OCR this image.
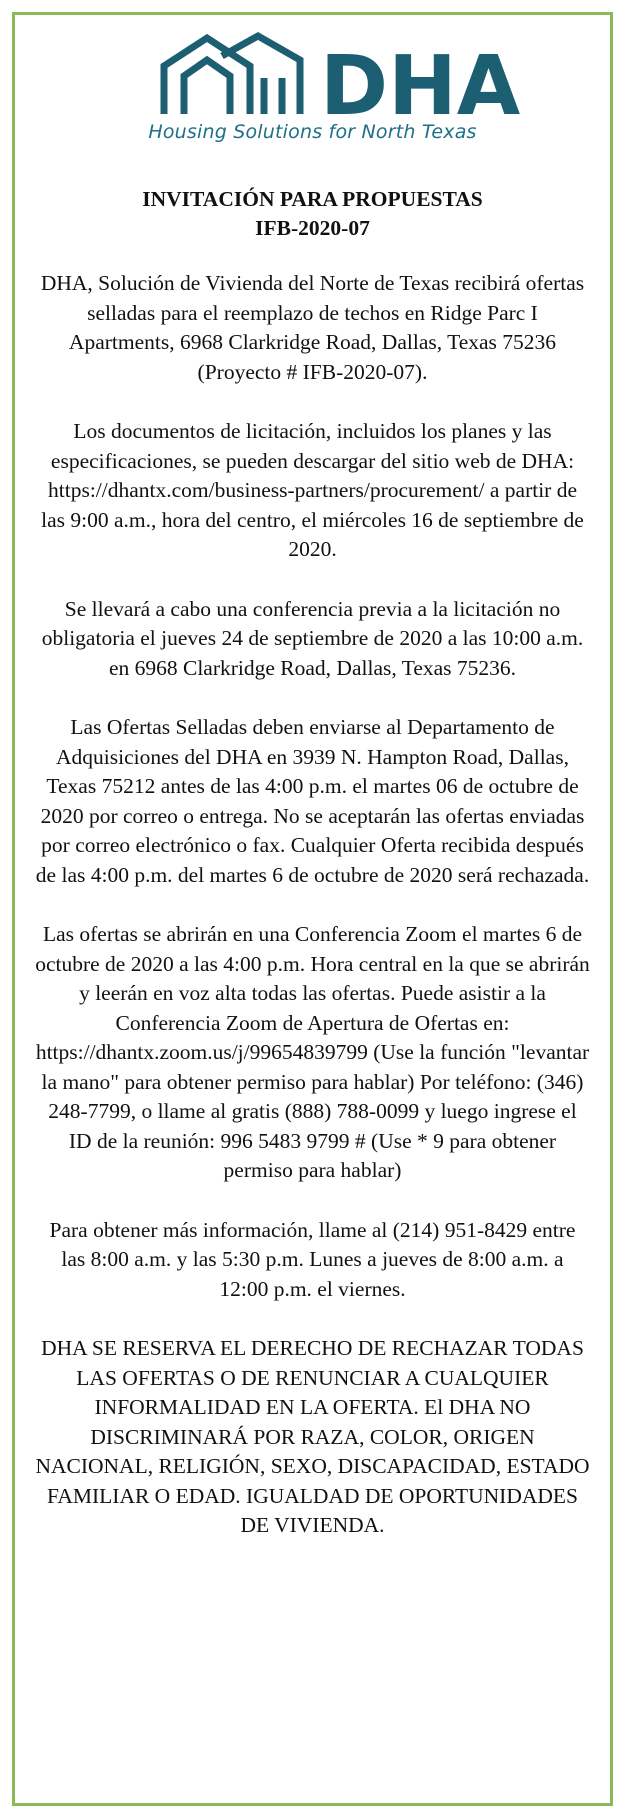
DHA
Housing Solutions for North Texas

INVITACIÓN PARA PROPUESTAS
IFB-2020-07

DHA, Solución de Vivienda del Norte de Texas recibirá ofertas selladas para el reemplazo de techos en Ridge Parc I Apartments, 6968 Clarkridge Road, Dallas, Texas 75236 (Proyecto # IFB-2020-07).

Los documentos de licitación, incluidos los planes y las especificaciones, se pueden descargar del sitio web de DHA: https://dhantx.com/business-partners/procurement/ a partir de las 9:00 a.m., hora del centro, el miércoles 16 de septiembre de 2020.

Se llevará a cabo una conferencia previa a la licitación no obligatoria el jueves 24 de septiembre de 2020 a las 10:00 a.m. en 6968 Clarkridge Road, Dallas, Texas 75236.

Las Ofertas Selladas deben enviarse al Departamento de Adquisiciones del DHA en 3939 N. Hampton Road, Dallas, Texas 75212 antes de las 4:00 p.m. el martes 06 de octubre de 2020 por correo o entrega. No se aceptarán las ofertas enviadas por correo electrónico o fax. Cualquier Oferta recibida después de las 4:00 p.m. del martes 6 de octubre de 2020 será rechazada.

Las ofertas se abrirán en una Conferencia Zoom el martes 6 de octubre de 2020 a las 4:00 p.m. Hora central en la que se abrirán y leerán en voz alta todas las ofertas. Puede asistir a la Conferencia Zoom de Apertura de Ofertas en: https://dhantx.zoom.us/j/99654839799 (Use la función "levantar la mano" para obtener permiso para hablar) Por teléfono: (346) 248-7799, o llame al gratis (888) 788-0099 y luego ingrese el ID de la reunión: 996 5483 9799 # (Use * 9 para obtener permiso para hablar)

Para obtener más información, llame al (214) 951-8429 entre las 8:00 a.m. y las 5:30 p.m. Lunes a jueves de 8:00 a.m. a 12:00 p.m. el viernes.

DHA SE RESERVA EL DERECHO DE RECHAZAR TODAS LAS OFERTAS O DE RENUNCIAR A CUALQUIER INFORMALIDAD EN LA OFERTA. El DHA NO DISCRIMINARÁ POR RAZA, COLOR, ORIGEN NACIONAL, RELIGIÓN, SEXO, DISCAPACIDAD, ESTADO FAMILIAR O EDAD. IGUALDAD DE OPORTUNIDADES DE VIVIENDA.
